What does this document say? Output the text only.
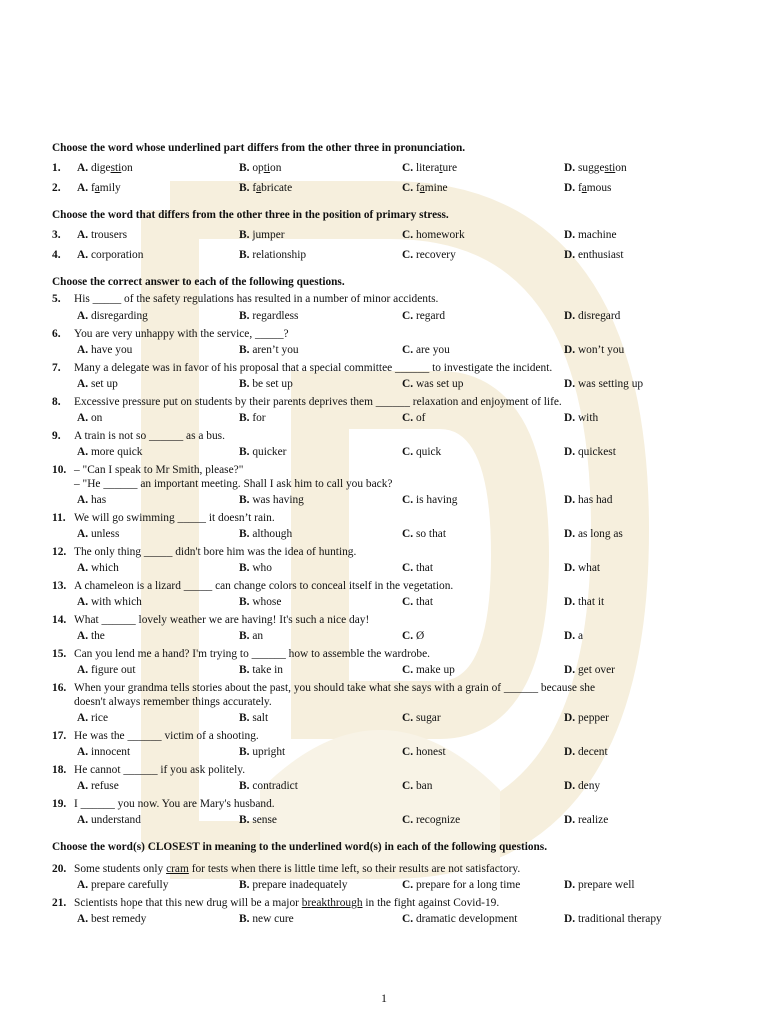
Choose the word whose underlined part differs from the other three in pronunciation.
1. A. digestion	B. option	C. literature	D. suggestion
2. A. family	B. fabricate	C. famine	D. famous
Choose the word that differs from the other three in the position of primary stress.
3. A. trousers	B. jumper	C. homework	D. machine
4. A. corporation	B. relationship	C. recovery	D. enthusiast
Choose the correct answer to each of the following questions.
5. His _____ of the safety regulations has resulted in a number of minor accidents.
A. disregarding	B. regardless	C. regard	D. disregard
6. You are very unhappy with the service, _____?
A. have you	B. aren’t you	C. are you	D. won’t you
7. Many a delegate was in favor of his proposal that a special committee ______ to investigate the incident.
A. set up	B. be set up	C. was set up	D. was setting up
8. Excessive pressure put on students by their parents deprives them ______ relaxation and enjoyment of life.
A. on	B. for	C. of	D. with
9. A train is not so ______ as a bus.
A. more quick	B. quicker	C. quick	D. quickest
10. – "Can I speak to Mr Smith, please?"
– "He ______ an important meeting. Shall I ask him to call you back?
A. has	B. was having	C. is having	D. has had
11. We will go swimming _____ it doesn’t rain.
A. unless	B. although	C. so that	D. as long as
12. The only thing _____ didn't bore him was the idea of hunting.
A. which	B. who	C. that	D. what
13. A chameleon is a lizard _____ can change colors to conceal itself in the vegetation.
A. with which	B. whose	C. that	D. that it
14. What ______ lovely weather we are having! It's such a nice day!
A. the	B. an	C. Ø	D. a
15. Can you lend me a hand? I'm trying to ______ how to assemble the wardrobe.
A. figure out	B. take in	C. make up	D. get over
16. When your grandma tells stories about the past, you should take what she says with a grain of ______ because she
doesn't always remember things accurately.
A. rice	B. salt	C. sugar	D. pepper
17. He was the ______ victim of a shooting.
A. innocent	B. upright	C. honest	D. decent
18. He cannot ______ if you ask politely.
A. refuse	B. contradict	C. ban	D. deny
19. I ______ you now. You are Mary's husband.
A. understand	B. sense	C. recognize	D. realize
Choose the word(s) CLOSEST in meaning to the underlined word(s) in each of the following questions.
20. Some students only cram for tests when there is little time left, so their results are not satisfactory.
A. prepare carefully	B. prepare inadequately	C. prepare for a long time	D. prepare well
21. Scientists hope that this new drug will be a major breakthrough in the fight against Covid-19.
A. best remedy	B. new cure	C. dramatic development	D. traditional therapy
1
